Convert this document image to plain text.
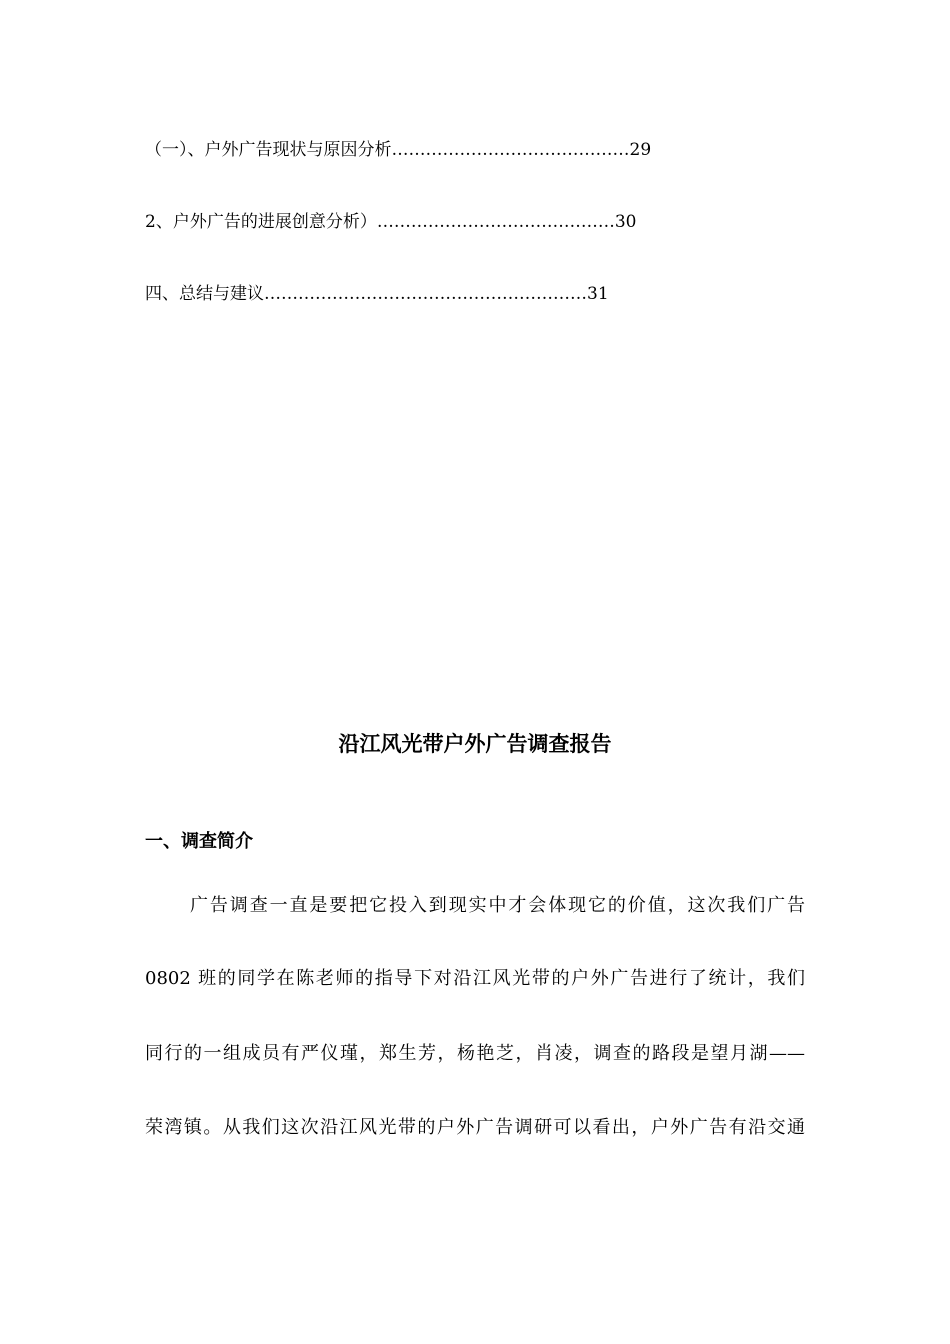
（一）、户外广告现状与原因分析……………………………………29
2、户外广告的进展创意分析）……………………………………30
四、总结与建议…………………………………………………31
沿江风光带户外广告调查报告
一、调查简介
广告调查一直是要把它投入到现实中才会体现它的价值，这次我们广告
0802 班的同学在陈老师的指导下对沿江风光带的户外广告进行了统计，我们
同行的一组成员有严仪瑾，郑生芳，杨艳芝，肖凌，调查的路段是望月湖——
荣湾镇。从我们这次沿江风光带的户外广告调研可以看出，户外广告有沿交通
